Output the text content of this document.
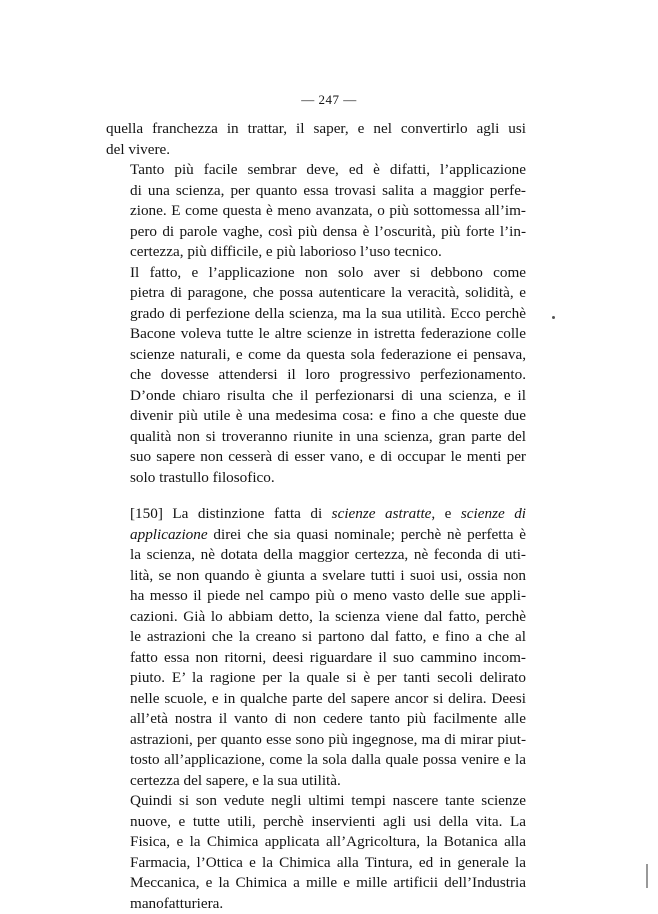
— 247 —

quella franchezza in trattar, il saper, e nel convertirlo agli usi
del vivere.

Tanto più facile sembrar deve, ed è difatti, l’applicazione
di una scienza, per quanto essa trovasi salita a maggior perfe-
zione. E come questa è meno avanzata, o più sottomessa all’im-
pero di parole vaghe, così più densa è l’oscurità, più forte l’in-
certezza, più difficile, e più laborioso l’uso tecnico.

Il fatto, e l’applicazione non solo aver si debbono come
pietra di paragone, che possa autenticare la veracità, solidità, e
grado di perfezione della scienza, ma la sua utilità. Ecco perchè
Bacone voleva tutte le altre scienze in istretta federazione colle
scienze naturali, e come da questa sola federazione ei pensava,
che dovesse attendersi il loro progressivo perfezionamento.
D’onde chiaro risulta che il perfezionarsi di una scienza, e il
divenir più utile è una medesima cosa: e fino a che queste due
qualità non si troveranno riunite in una scienza, gran parte del
suo sapere non cesserà di esser vano, e di occupar le menti per
solo trastullo filosofico.

[150] La distinzione fatta di scienze astratte, e scienze di
applicazione direi che sia quasi nominale; perchè nè perfetta è
la scienza, nè dotata della maggior certezza, nè feconda di uti-
lità, se non quando è giunta a svelare tutti i suoi usi, ossia non
ha messo il piede nel campo più o meno vasto delle sue appli-
cazioni. Già lo abbiam detto, la scienza viene dal fatto, perchè
le astrazioni che la creano si partono dal fatto, e fino a che al
fatto essa non ritorni, deesi riguardare il suo cammino incom-
piuto. E’ la ragione per la quale si è per tanti secoli delirato
nelle scuole, e in qualche parte del sapere ancor si delira. Deesi
all’età nostra il vanto di non cedere tanto più facilmente alle
astrazioni, per quanto esse sono più ingegnose, ma di mirar piut-
tosto all’applicazione, come la sola dalla quale possa venire e la
certezza del sapere, e la sua utilità.

Quindi si son vedute negli ultimi tempi nascere tante scienze
nuove, e tutte utili, perchè inservienti agli usi della vita. La
Fisica, e la Chimica applicata all’Agricoltura, la Botanica alla
Farmacia, l’Ottica e la Chimica alla Tintura, ed in generale la
Meccanica, e la Chimica a mille e mille artificii dell’Industria
manofatturiera.
